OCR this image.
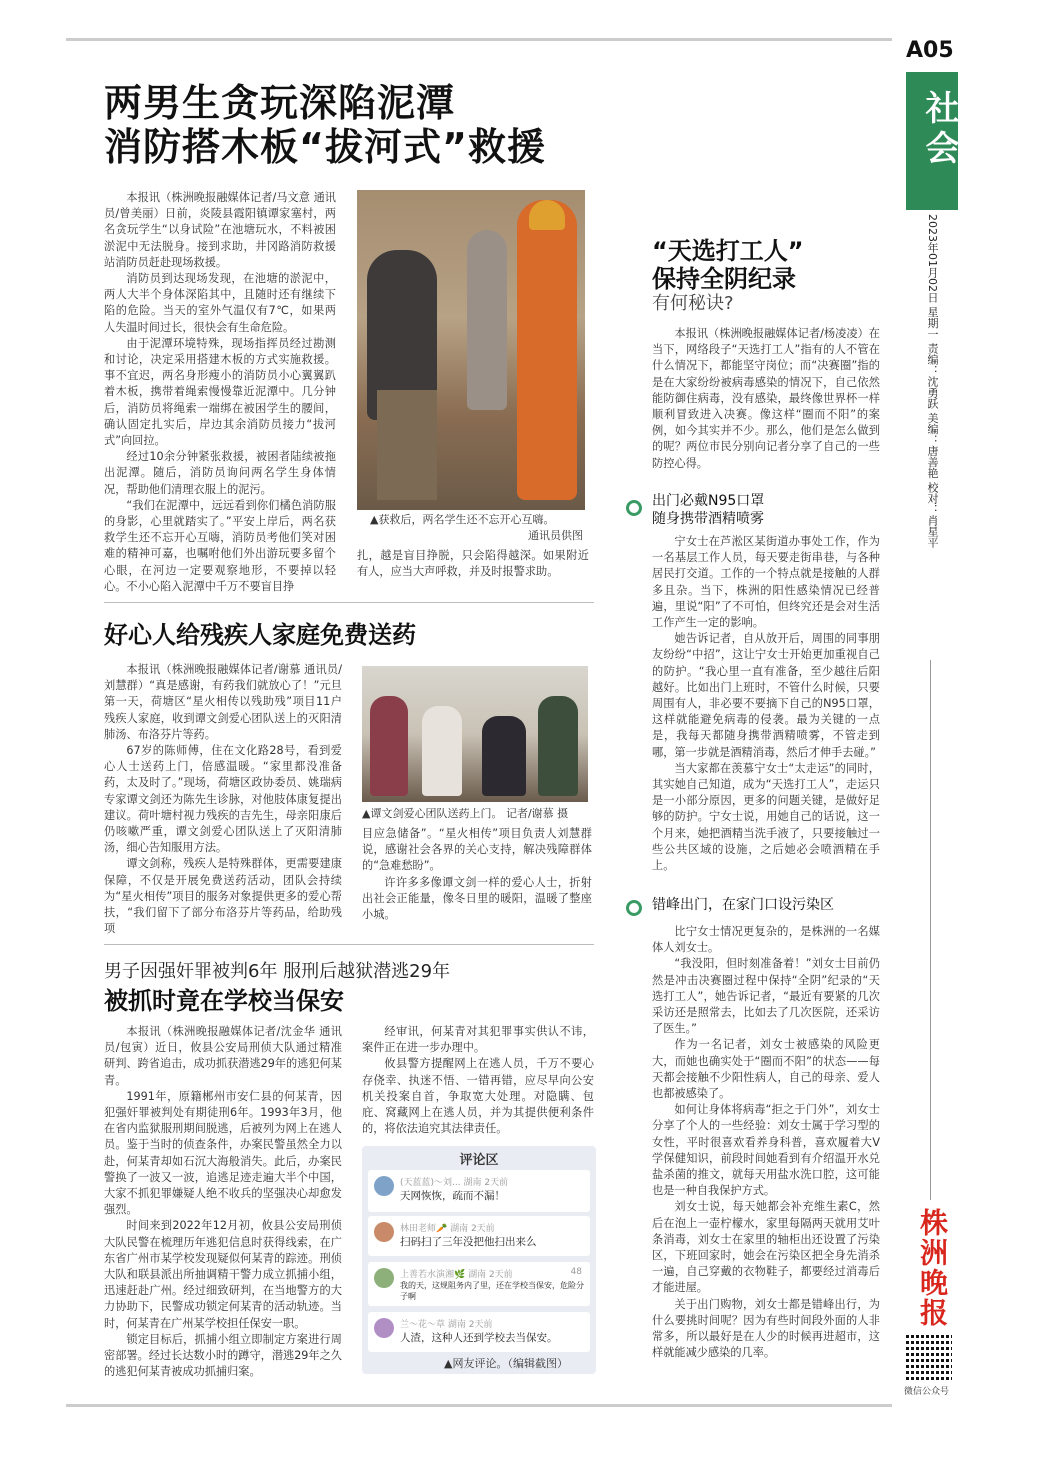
A05
社会
2023年01月02日 星期一 责编：沈勇跃 美编：唐善艳 校对：肖星平
两男生贪玩深陷泥潭
消防搭木板“拔河式”救援

本报讯（株洲晚报融媒体记者/马文意 通讯员/曾美丽）日前，炎陵县霞阳镇谭家塞村，两名贪玩学生“以身试险”在池塘玩水，不料被困淤泥中无法脱身。接到求助，井冈路消防救援站消防员赶赴现场救援。

消防员到达现场发现，在池塘的淤泥中，两人大半个身体深陷其中，且随时还有继续下陷的危险。当天的室外气温仅有7℃，如果两人失温时间过长，很快会有生命危险。

由于泥潭环境特殊，现场指挥员经过勘测和讨论，决定采用搭建木板的方式实施救援。事不宜迟，两名身形瘦小的消防员小心翼翼趴着木板，携带着绳索慢慢靠近泥潭中。几分钟后，消防员将绳索一端绑在被困学生的腰间，确认固定扎实后，岸边其余消防员接力“拔河式”向回拉。

经过10余分钟紧张救援，被困者陆续被拖出泥潭。随后，消防员询问两名学生身体情况，帮助他们清理衣服上的泥污。

“我们在泥潭中，远远看到你们橘色消防服的身影，心里就踏实了。”平安上岸后，两名获救学生还不忘开心互嗨，消防员考他们笑对困难的精神可嘉，也嘱咐他们外出游玩要多留个心眼，在河边一定要观察地形，不要掉以轻心。不小心陷入泥潭中千万不要盲目挣

▲获救后，两名学生还不忘开心互嗨。
通讯员供图
扎，越是盲目挣脱，只会陷得越深。如果附近有人，应当大声呼救，并及时报警求助。
好心人给残疾人家庭免费送药

本报讯（株洲晚报融媒体记者/谢慕 通讯员/刘慧群）“真是感谢，有药我们就放心了！”元旦第一天，荷塘区“星火相传以残助残”项目11户残疾人家庭，收到谭文剑爱心团队送上的灭阳清肺汤、布洛芬片等药。

67岁的陈师傅，住在文化路28号，看到爱心人士送药上门，倍感温暖。“家里都没准备药，太及时了。”现场，荷塘区政协委员、姚瑞病专家谭文剑还为陈先生诊脉，对他肢体康复提出建议。荷叶塘村视力残疾的吉先生，母亲阳康后仍咳嗽严重，谭文剑爱心团队送上了灭阳清肺汤，细心告知服用方法。

谭文剑称，残疾人是特殊群体，更需要建康保障，不仅是开展免费送药活动，团队会持续为“星火相传”项目的服务对象提供更多的爱心帮扶，“我们留下了部分布洛芬片等药品，给助残项

▲谭文剑爱心团队送药上门。 记者/谢慕 摄

目应急储备”。“星火相传”项目负责人刘慧群说，感谢社会各界的关心支持，解决残障群体的“急难愁盼”。

许许多多像谭文剑一样的爱心人士，折射出社会正能量，像冬日里的暖阳，温暖了整座小城。

男子因强奸罪被判6年 服刑后越狱潜逃29年
被抓时竟在学校当保安

本报讯（株洲晚报融媒体记者/沈金华 通讯员/包寅）近日，攸县公安局刑侦大队通过精准研判、跨省追击，成功抓获潜逃29年的逃犯何某青。

1991年，原籍郴州市安仁县的何某青，因犯强奸罪被判处有期徒刑6年。1993年3月，他在省内监狱服刑期间脱逃，后被列为网上在逃人员。鉴于当时的侦查条件，办案民警虽然全力以赴，何某青却如石沉大海般消失。此后，办案民警换了一波又一波，追逃足迹走遍大半个中国，大家不抓犯罪嫌疑人绝不收兵的坚强决心却愈发强烈。

时间来到2022年12月初，攸县公安局刑侦大队民警在梳理历年逃犯信息时获得线索，在广东省广州市某学校发现疑似何某青的踪迹。刑侦大队和联县派出所抽调精干警力成立抓捕小组，迅速赶赴广州。经过细致研判，在当地警方的大力协助下，民警成功锁定何某青的活动轨迹。当时，何某青在广州某学校担任保安一职。

锁定目标后，抓捕小组立即制定方案进行周密部署。经过长达数小时的蹲守，潜逃29年之久的逃犯何某青被成功抓捕归案。

经审讯，何某青对其犯罪事实供认不讳，案件正在进一步办理中。

攸县警方提醒网上在逃人员，千万不要心存侥幸、执迷不悟、一错再错，应尽早向公安机关投案自首，争取宽大处理。对隐瞒、包庇、窝藏网上在逃人员，并为其提供便利条件的，将依法追究其法律责任。

评论区
(天蓝蓝)～刘... 湖南 2天前
天网恢恢，疏而不漏！
林田老师🥕 湖南 2天前
扫码扫了三年没把他扫出来么
上善若水演湘🌿 湖南 2天前	48
我的天，这规阻务内了里，还在学校当保安，危险分子啊
兰～花～草 湖南 2天前
人渣，这种人还到学校去当保安。
▲网友评论。（编辑截图）
“天选打工人”
保持全阴纪录
有何秘诀?

本报讯（株洲晚报融媒体记者/杨凌凌）在当下，网络段子“天选打工人”指有的人不管在什么情况下，都能坚守岗位；而“决赛圈”指的是在大家纷纷被病毒感染的情况下，自己依然能防御住病毒，没有感染，最终像世界杯一样顺利冒致进入决赛。像这样“圈而不阳”的案例，如今其实并不少。那么，他们是怎么做到的呢？两位市民分别向记者分享了自己的一些防控心得。

出门必戴N95口罩
随身携带酒精喷雾

宁女士在芦淞区某街道办事处工作，作为一名基层工作人员，每天要走街串巷，与各种居民打交道。工作的一个特点就是接触的人群多且杂。当下，株洲的阳性感染情况已经普遍，里说“阳”了不可怕，但终究还是会对生活工作产生一定的影响。

她告诉记者，自从放开后，周围的同事朋友纷纷“中招”，这让宁女士开始更加重视自己的防护。“我心里一直有准备，至少越往后阳越好。比如出门上班时，不管什么时候，只要周围有人，非必要不要摘下自己的N95口罩，这样就能避免病毒的侵袭。最为关键的一点是，我每天都随身携带酒精喷雾，不管走到哪，第一步就是酒精消毒，然后才伸手去碰。”

当大家都在羡慕宁女士“太走运”的同时，其实她自己知道，成为“天选打工人”，走运只是一小部分原因，更多的问题关键，是做好足够的防护。宁女士说，用她自己的话说，这一个月来，她把酒精当洗手液了，只要接触过一些公共区域的设施，之后她必会喷酒精在手上。

错峰出门，在家门口设污染区

比宁女士情况更复杂的，是株洲的一名媒体人刘女士。

“我没阳，但时刻准备着！”刘女士目前仍然是冲击决赛圈过程中保持“全阴”纪录的“天选打工人”，她告诉记者，“最近有要紧的几次采访还是照常去，比如去了几次医院，还采访了医生。”

作为一名记者，刘女士被感染的风险更大，而她也确实处于“圈而不阳”的状态——每天都会接触不少阳性病人，自己的母亲、爱人也都被感染了。

如何让身体将病毒“拒之于门外”，刘女士分享了个人的一些经验：刘女士属于学习型的女性，平时很喜欢看养身科普，喜欢履着大V学保健知识，前段时间她看到有介绍温开水兑盐杀菌的推文，就每天用盐水洗口腔，这可能也是一种自我保护方式。

刘女士说，每天她都会补充维生素C，然后在泡上一壶柠檬水，家里每隔两天就用艾叶条消毒，刘女士在家里的轴柜出还设置了污染区，下班回家时，她会在污染区把全身先消杀一遍，自己穿戴的衣物鞋子，都要经过消毒后才能进屋。

关于出门购物，刘女士都是错峰出行，为什么要挑时间呢？因为有些时间段外面的人非常多，所以最好是在人少的时候再进超市，这样就能减少感染的几率。

株洲晚报
微信公众号
